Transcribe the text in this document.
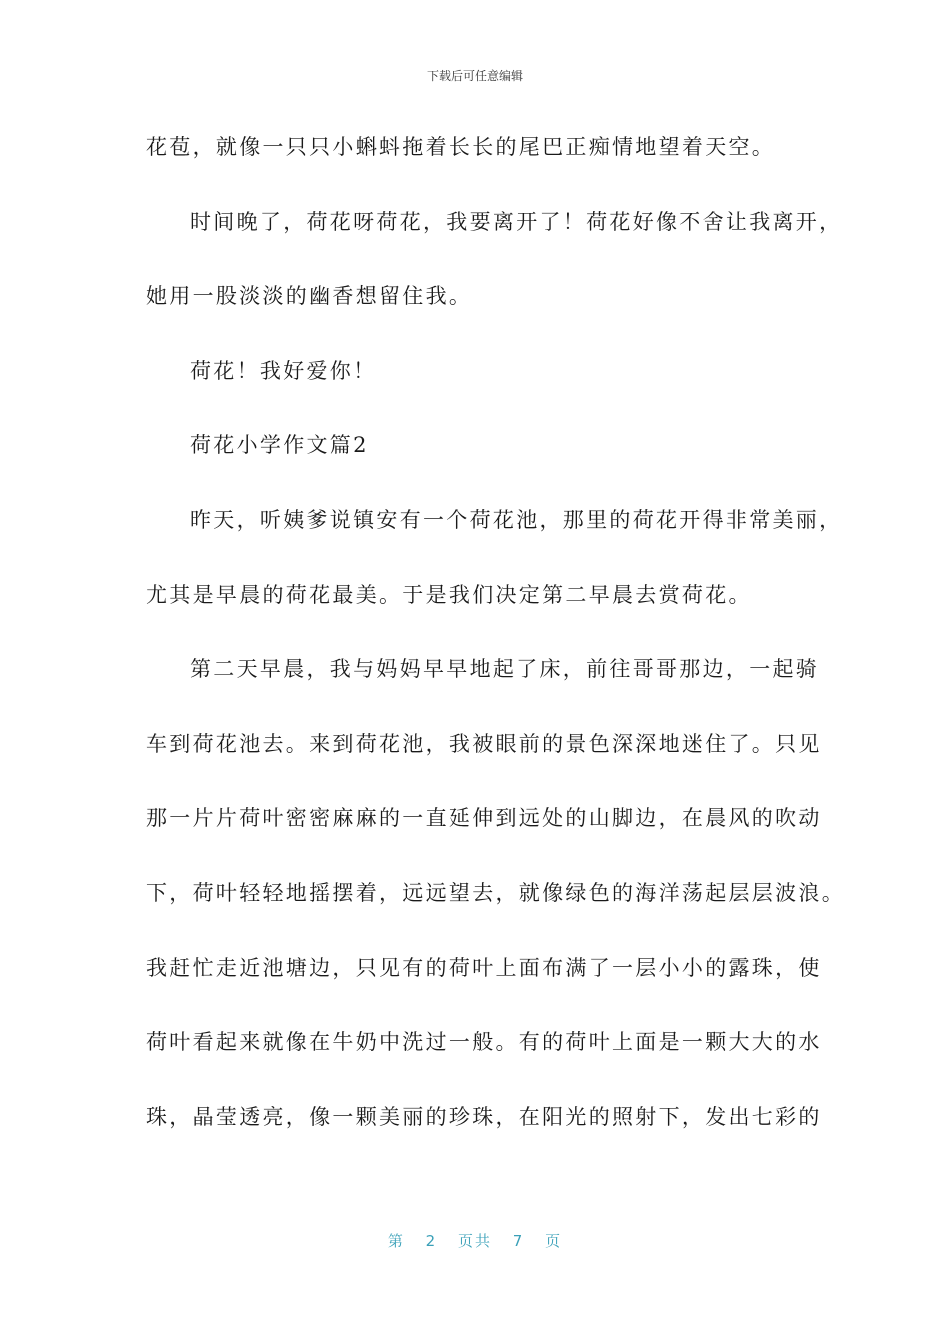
下载后可任意编辑
花苞，就像一只只小蝌蚪拖着长长的尾巴正痴情地望着天空。
时间晚了，荷花呀荷花，我要离开了！荷花好像不舍让我离开，
她用一股淡淡的幽香想留住我。
荷花！我好爱你！
荷花小学作文篇2
昨天，听姨爹说镇安有一个荷花池，那里的荷花开得非常美丽，
尤其是早晨的荷花最美。于是我们决定第二早晨去赏荷花。
第二天早晨，我与妈妈早早地起了床，前往哥哥那边，一起骑
车到荷花池去。来到荷花池，我被眼前的景色深深地迷住了。只见
那一片片荷叶密密麻麻的一直延伸到远处的山脚边，在晨风的吹动
下，荷叶轻轻地摇摆着，远远望去，就像绿色的海洋荡起层层波浪。
我赶忙走近池塘边，只见有的荷叶上面布满了一层小小的露珠，使
荷叶看起来就像在牛奶中洗过一般。有的荷叶上面是一颗大大的水
珠，晶莹透亮，像一颗美丽的珍珠，在阳光的照射下，发出七彩的
第 2 页共 7 页
